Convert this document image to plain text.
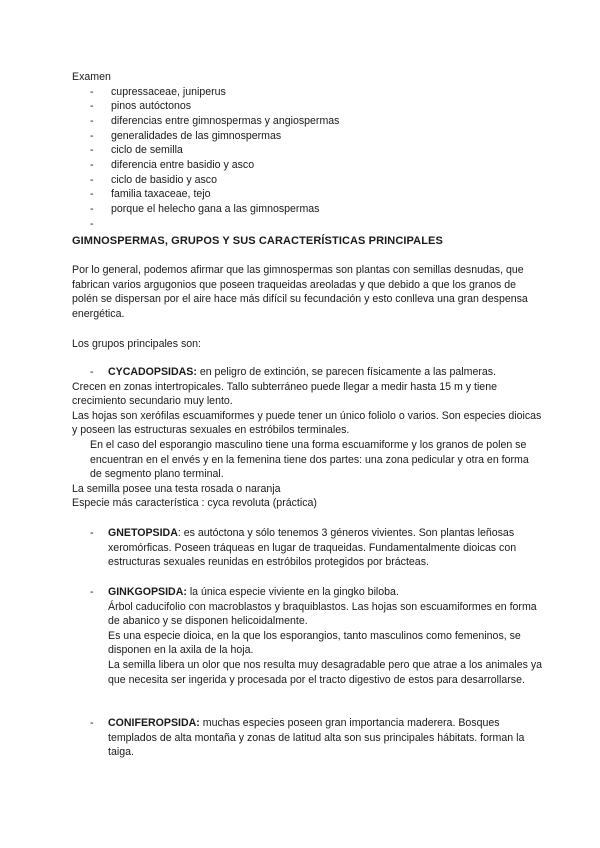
Examen

- cupressaceae, juniperus
- pinos autóctonos
- diferencias entre gimnospermas y angiospermas
- generalidades de las gimnospermas
- ciclo de semilla
- diferencia entre basidio y asco
- ciclo de basidio y asco
- familia taxaceae, tejo
- porque el helecho gana a las gimnospermas
-

GIMNOSPERMAS, GRUPOS Y SUS CARACTERÍSTICAS PRINCIPALES

Por lo general, podemos afirmar que las gimnospermas son plantas con semillas desnudas, que fabrican varios argugonios que poseen traqueidas areoladas y que debido a que los granos de polén se dispersan por el aire hace más difícil su fecundación y esto conlleva una gran despensa energética.

Los grupos principales son:

- CYCADOPSIDAS: en peligro de extinción, se parecen físicamente a las palmeras.

Crecen en zonas intertropicales. Tallo subterráneo puede llegar a medir hasta 15 m y tiene crecimiento secundario muy lento.

Las hojas son xerófilas escuamiformes y puede tener un único foliolo o varios. Son especies dioicas y poseen las estructuras sexuales en estróbilos terminales.

En el caso del esporangio masculino tiene una forma escuamiforme y los granos de polen se encuentran en el envés y en la femenina tiene dos partes: una zona pedicular y otra en forma de segmento plano terminal.

La semilla posee una testa rosada o naranja

Especie más característica : cyca revoluta (práctica)

- GNETOPSIDA: es autóctona y sólo tenemos 3 géneros vivientes. Son plantas leñosas xeromórficas. Poseen tráqueas en lugar de traqueidas. Fundamentalmente dioicas con estructuras sexuales reunidas en estróbilos protegidos por brácteas.
- GINKGOPSIDA: la única especie viviente en la gingko biloba.

Árbol caducifolio con macroblastos y braquiblastos. Las hojas son escuamiformes en forma de abanico y se disponen helicoidalmente.

Es una especie dioica, en la que los esporangios, tanto masculinos como femeninos, se disponen en la axila de la hoja.

La semilla libera un olor que nos resulta muy desagradable pero que atrae a los animales ya que necesita ser ingerida y procesada por el tracto digestivo de estos para desarrollarse.

- CONIFEROPSIDA: muchas especies poseen gran importancia maderera. Bosques templados de alta montaña y zonas de latitud alta son sus principales hábitats. forman la taiga.
